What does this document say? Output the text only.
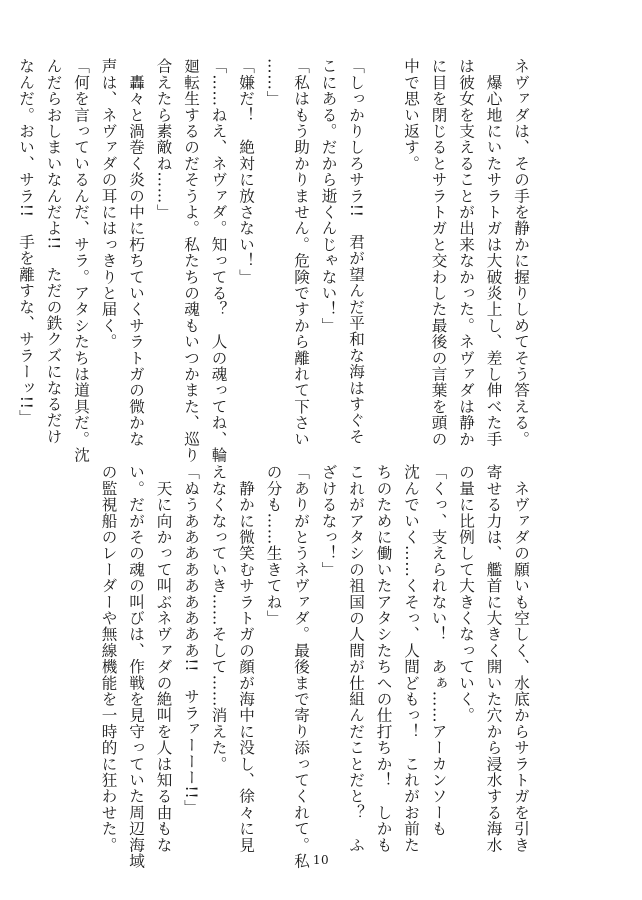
ネヴァダは、その手を静かに握りしめてそう答える。
　爆心地にいたサラトガは大破炎上し、差し伸べた手
は彼女を支えることが出来なかった。ネヴァダは静か
に目を閉じるとサラトガと交わした最後の言葉を頭の
中で思い返す。

「しっかりしろサラ!!　君が望んだ平和な海はすぐそ
こにある。だから逝くんじゃない！」
「私はもう助かりません。危険ですから離れて下さい
……」
「嫌だ！　絶対に放さない！」
「……ねえ、ネヴァダ。知ってる？　人の魂ってね、輪
廻転生するのだそうよ。私たちの魂もいつかまた、巡り
合えたら素敵ね……」
　轟々と渦巻く炎の中に朽ちていくサラトガの微かな
声は、ネヴァダの耳にはっきりと届く。
「何を言っているんだ、サラ。アタシたちは道具だ。沈
んだらおしまいなんだよ!!　ただの鉄クズになるだけ
なんだ。おい、サラ!!　手を離すな、サラーッ!!」
　ネヴァダの願いも空しく、水底からサラトガを引き
寄せる力は、艦首に大きく開いた穴から浸水する海水
の量に比例して大きくなっていく。
「くっ、支えられない！　あぁ……アーカンソーも
沈んでいく……くそっ、人間どもっ！　これがお前た
ちのために働いたアタシたちへの仕打ちか！　しかも
これがアタシの祖国の人間が仕組んだことだと？　ふ
ざけるなっ！」
「ありがとうネヴァダ。最後まで寄り添ってくれて。私
の分も……生きてね」
　静かに微笑むサラトガの顔が海中に没し、徐々に見
えなくなっていき……そして……消えた。
「ぬうあああああああああ!!　サラァーーー!!」
　天に向かって叫ぶネヴァダの絶叫を人は知る由もな
い。だがその魂の叫びは、作戦を見守っていた周辺海域
の監視船のレーダーや無線機能を一時的に狂わせた。
10
